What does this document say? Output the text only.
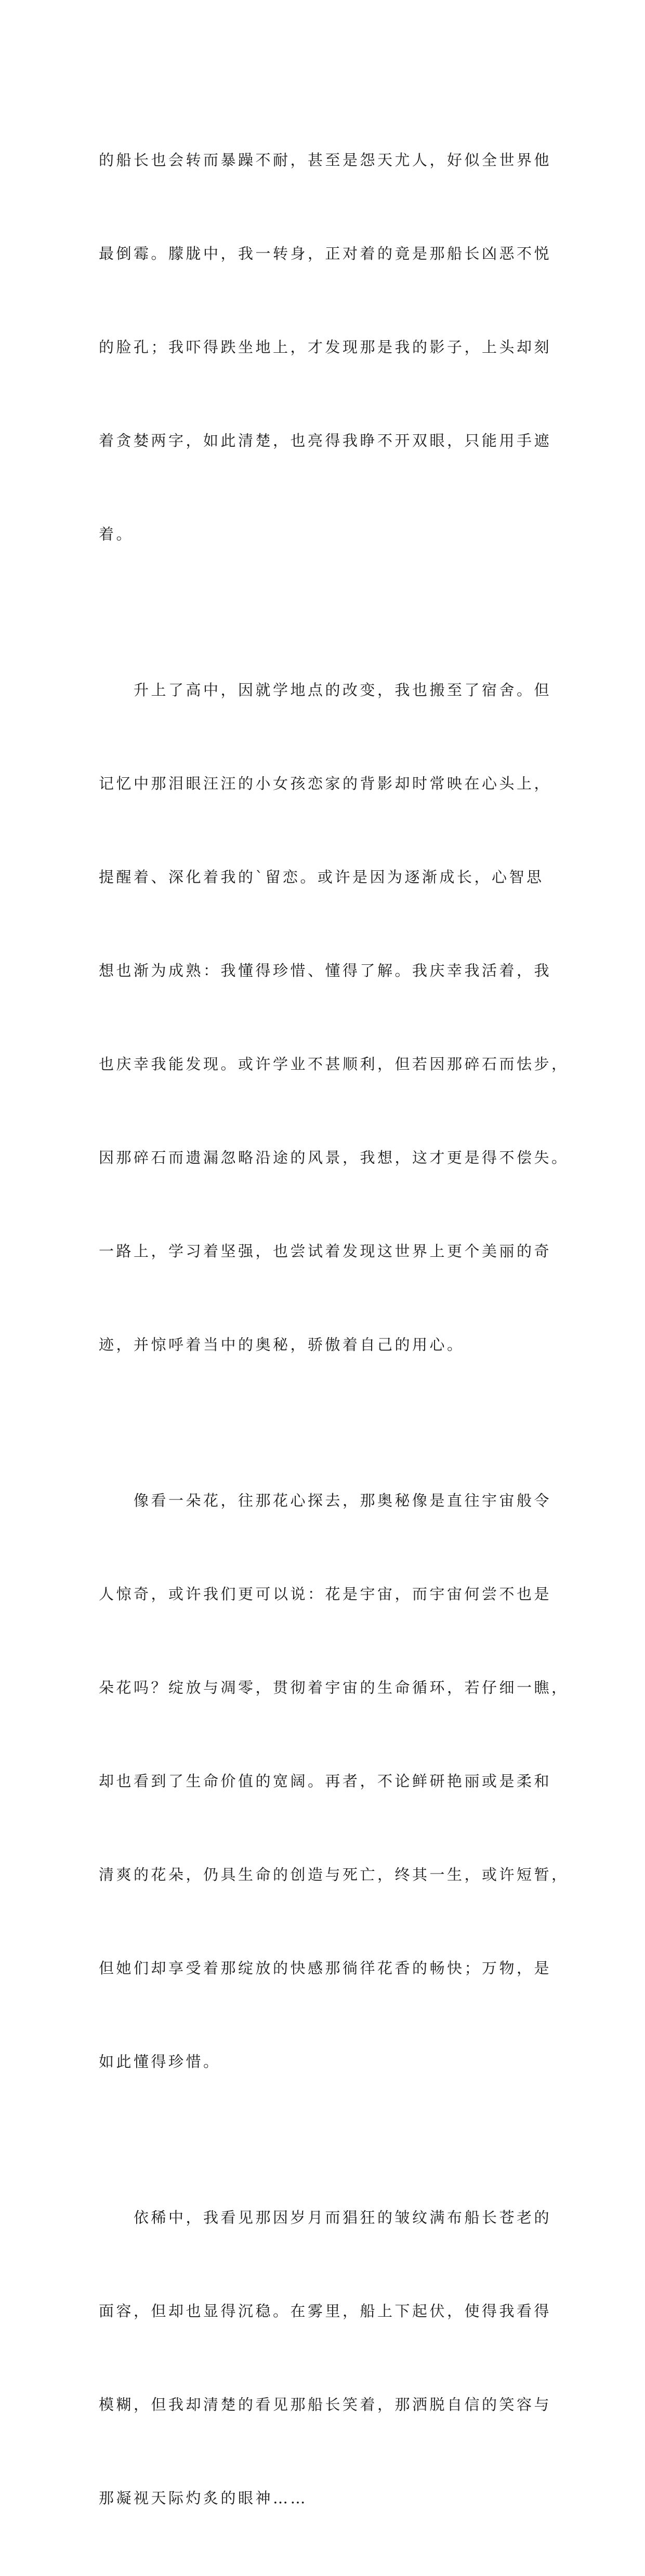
的船长也会转而暴躁不耐，甚至是怨天尤人，好似全世界他

最倒霉。朦胧中，我一转身，正对着的竟是那船长凶恶不悦

的脸孔；我吓得跌坐地上，才发现那是我的影子，上头却刻

着贪婪两字，如此清楚，也亮得我睁不开双眼，只能用手遮

着。

　　升上了高中，因就学地点的改变，我也搬至了宿舍。但

记忆中那泪眼汪汪的小女孩恋家的背影却时常映在心头上，

提醒着、深化着我的`留恋。或许是因为逐渐成长，心智思

想也渐为成熟：我懂得珍惜、懂得了解。我庆幸我活着，我

也庆幸我能发现。或许学业不甚顺利，但若因那碎石而怯步，

因那碎石而遗漏忽略沿途的风景，我想，这才更是得不偿失。

一路上，学习着坚强，也尝试着发现这世界上更个美丽的奇

迹，并惊呼着当中的奥秘，骄傲着自己的用心。

　　像看一朵花，往那花心探去，那奥秘像是直往宇宙般令

人惊奇，或许我们更可以说：花是宇宙，而宇宙何尝不也是

朵花吗？绽放与凋零，贯彻着宇宙的生命循环，若仔细一瞧，

却也看到了生命价值的宽阔。再者，不论鲜研艳丽或是柔和

清爽的花朵，仍具生命的创造与死亡，终其一生，或许短暂，

但她们却享受着那绽放的快感那徜徉花香的畅快；万物，是

如此懂得珍惜。

　　依稀中，我看见那因岁月而猖狂的皱纹满布船长苍老的

面容，但却也显得沉稳。在雾里，船上下起伏，使得我看得

模糊，但我却清楚的看见那船长笑着，那洒脱自信的笑容与

那凝视天际灼炙的眼神……
